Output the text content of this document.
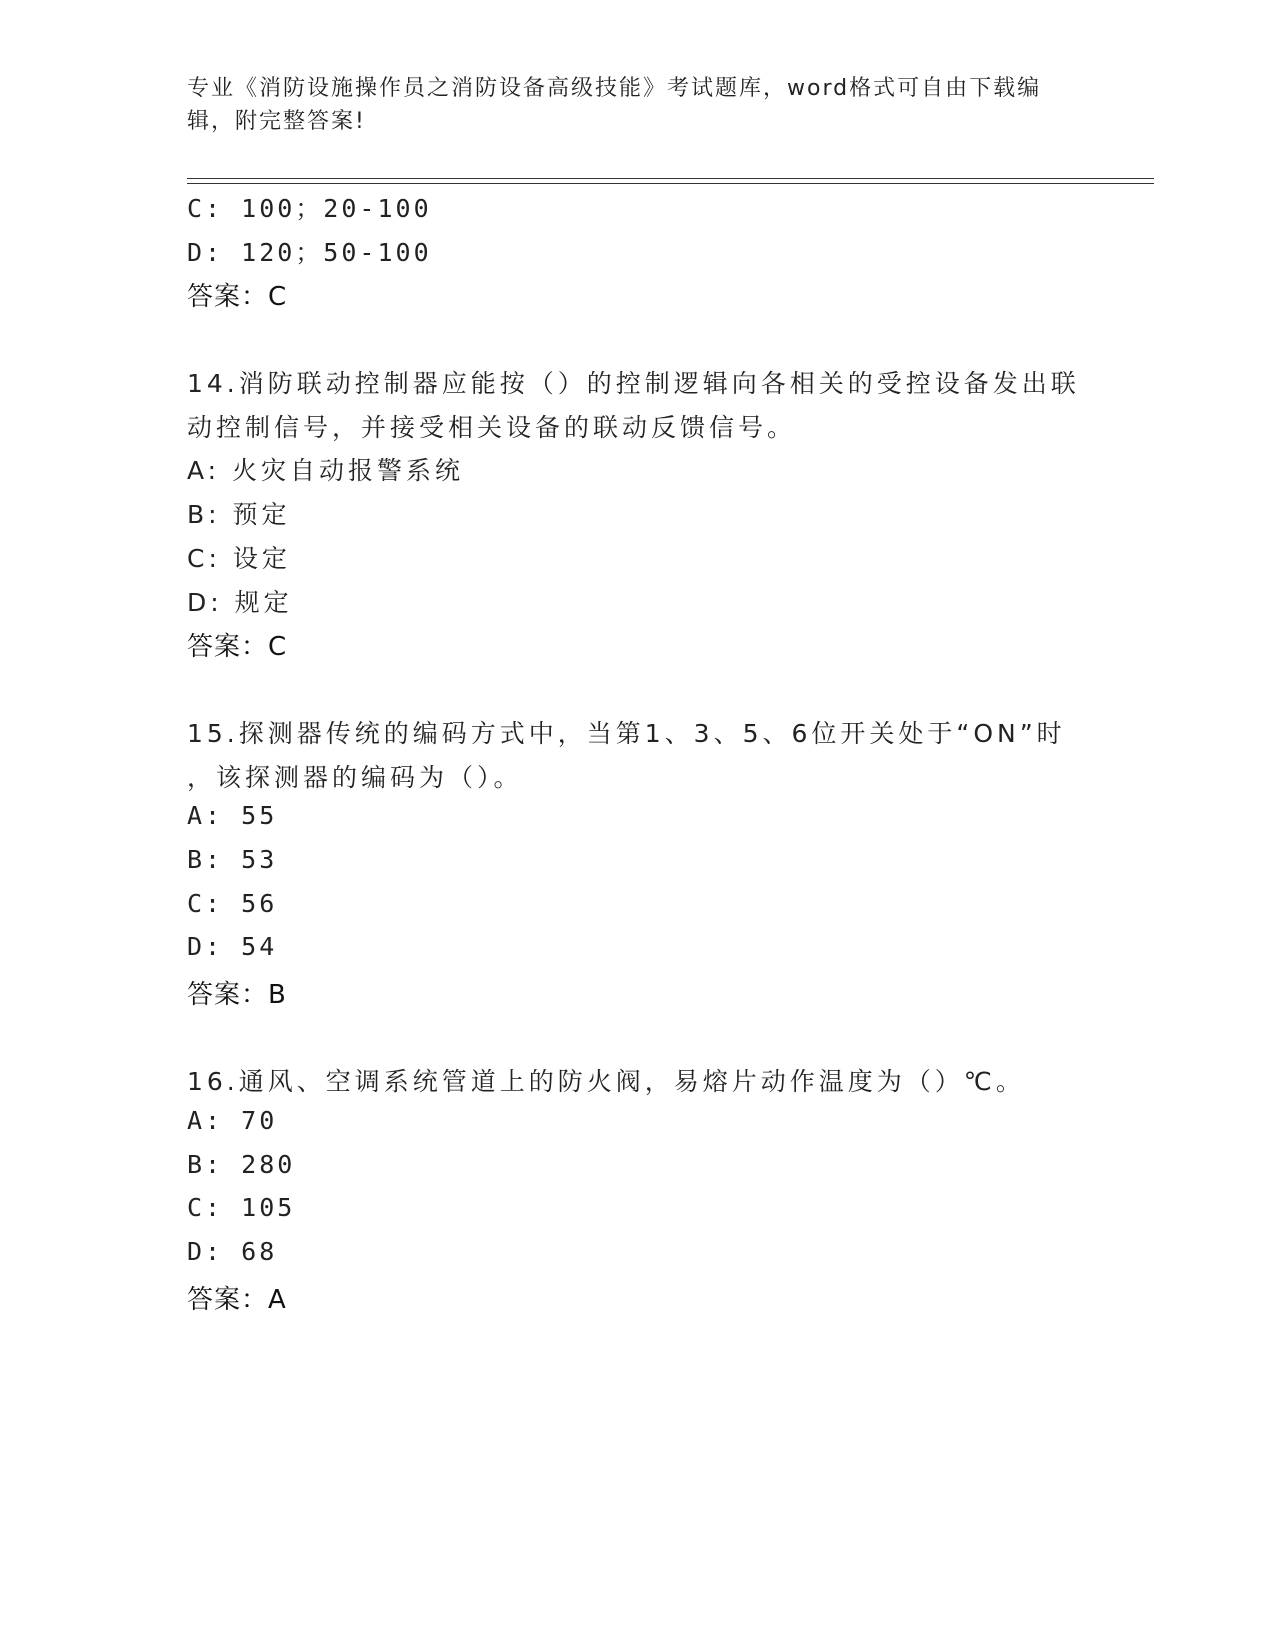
专业《消防设施操作员之消防设备高级技能》考试题库，word格式可自由下载编辑，附完整答案!
C: 100；20-100
D: 120；50-100
答案：C
14.消防联动控制器应能按（）的控制逻辑向各相关的受控设备发出联
动控制信号，并接受相关设备的联动反馈信号。
A: 火灾自动报警系统
B: 预定
C: 设定
D: 规定
答案：C
15.探测器传统的编码方式中，当第1、3、5、6位开关处于“ON”时
，该探测器的编码为（）。
A: 55
B: 53
C: 56
D: 54
答案：B
16.通风、空调系统管道上的防火阀，易熔片动作温度为（）℃。
A: 70
B: 280
C: 105
D: 68
答案：A
